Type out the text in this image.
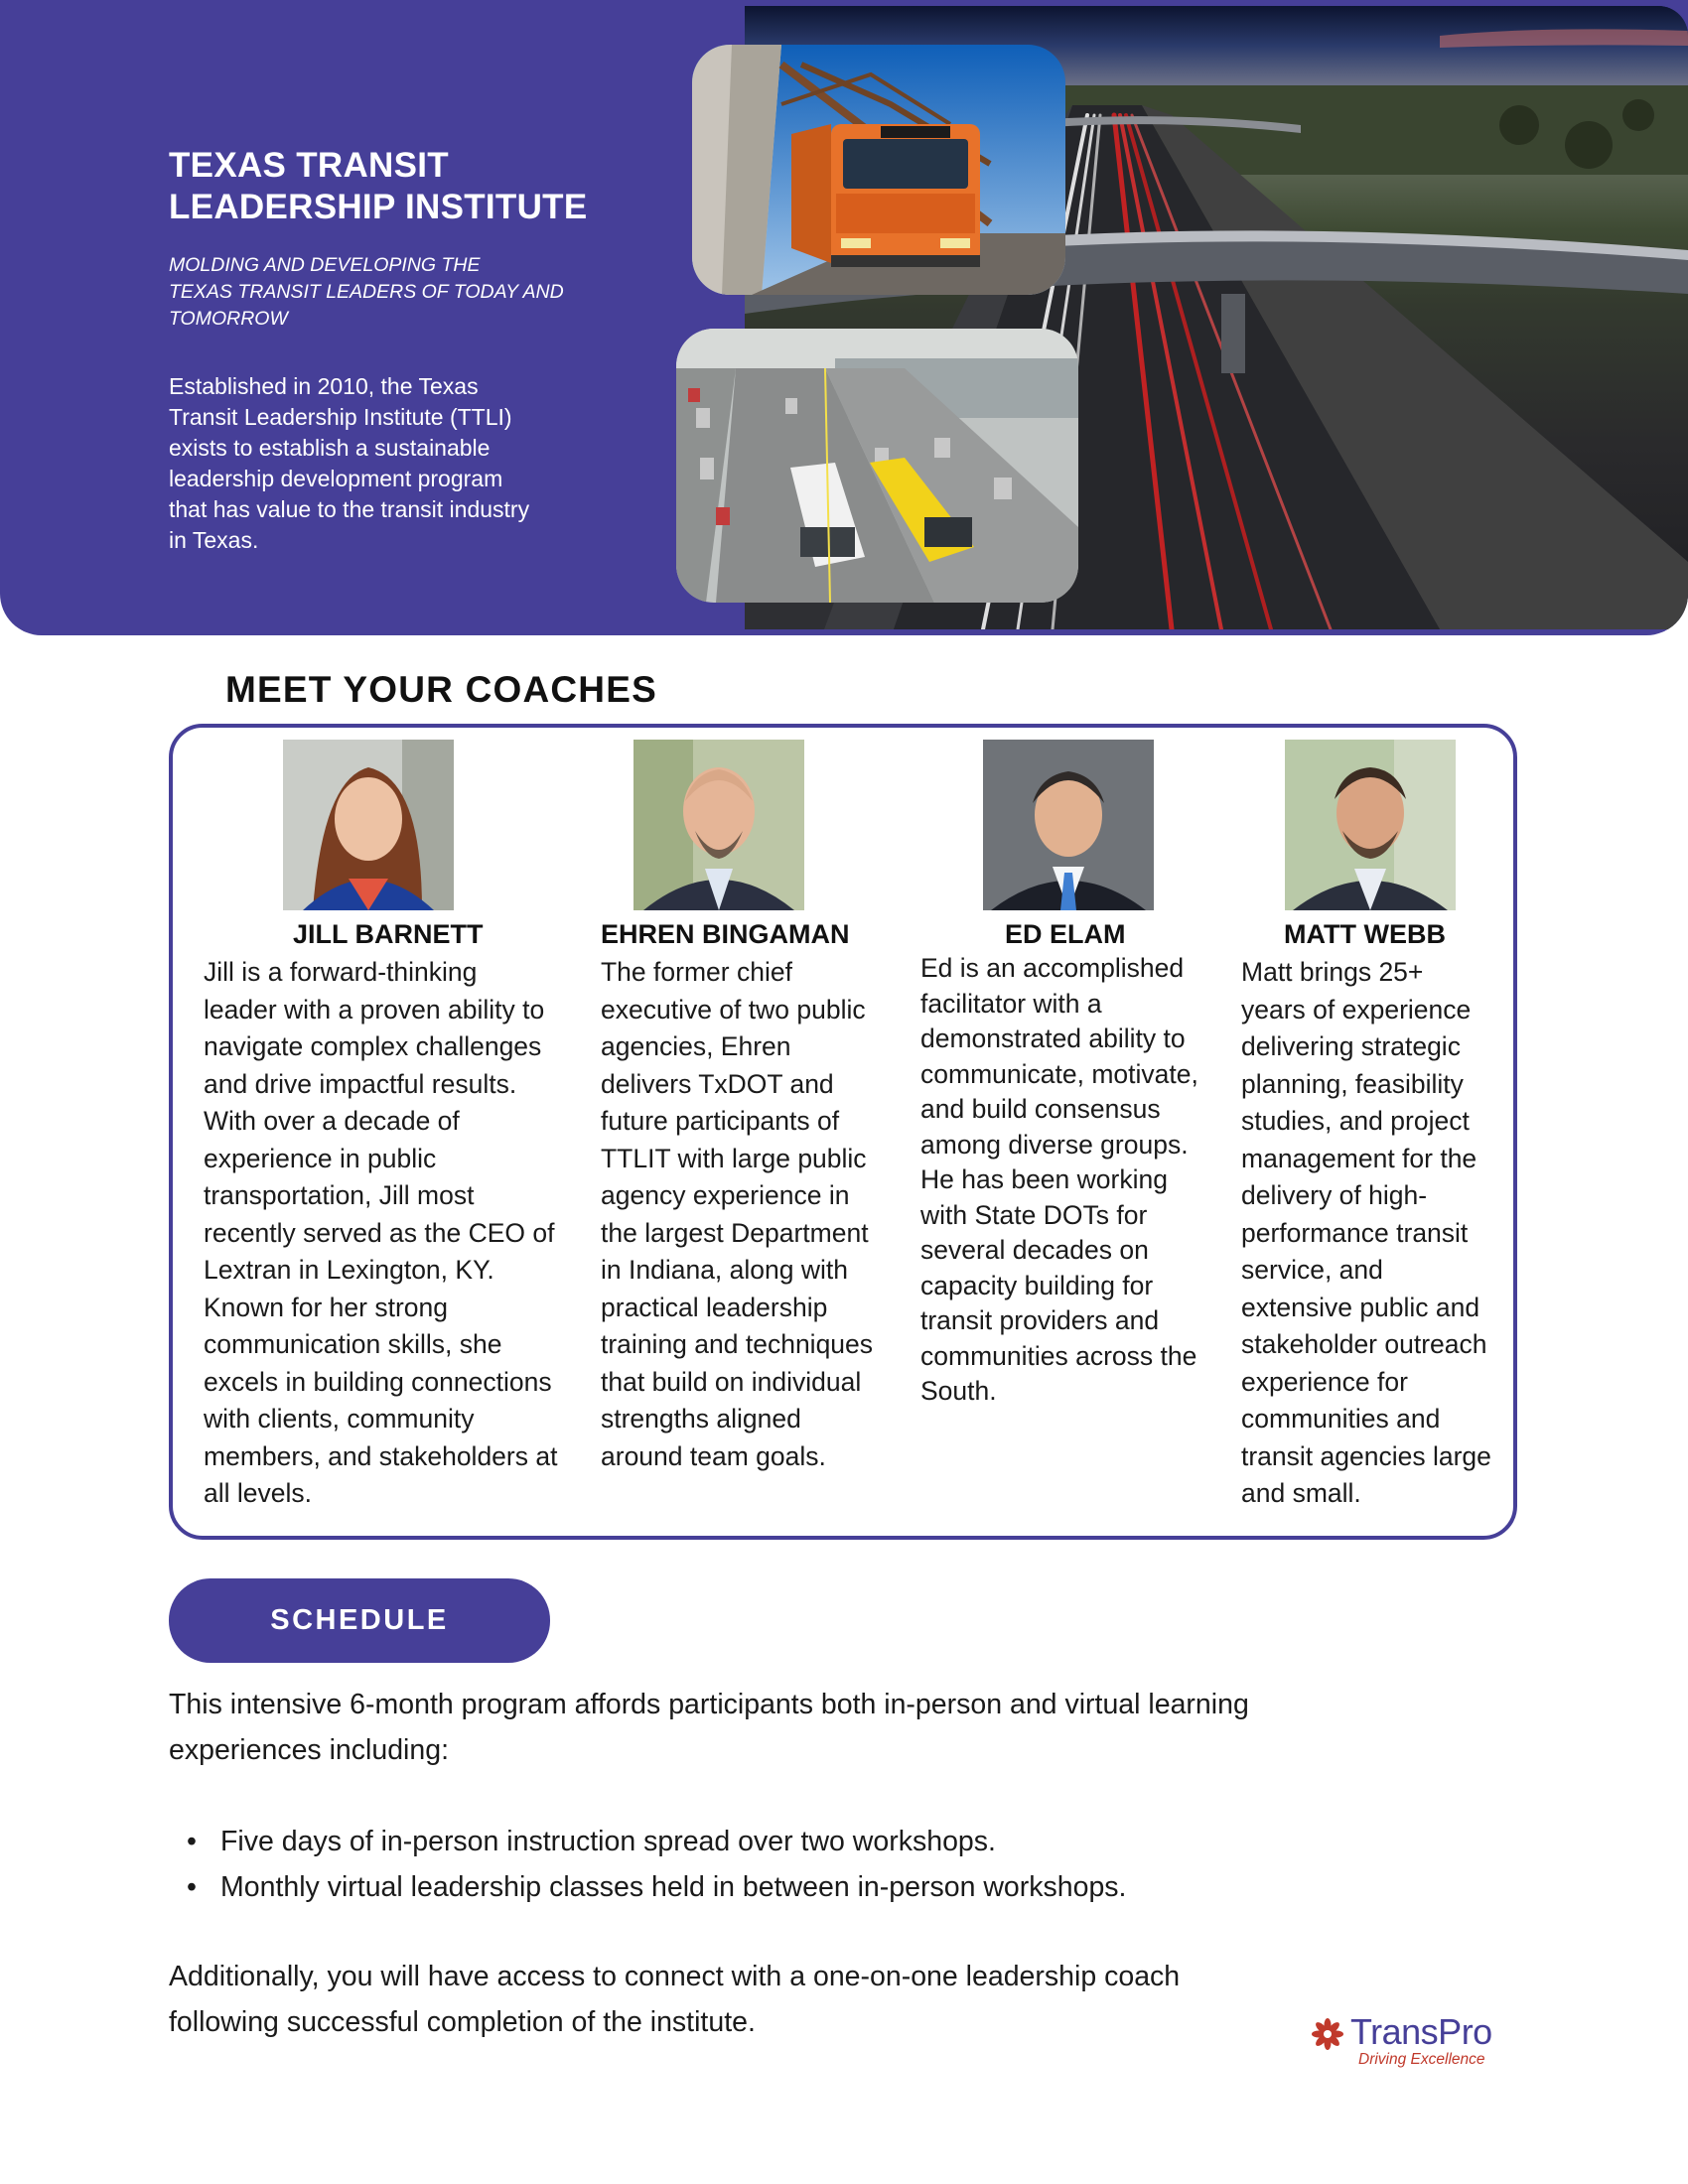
TEXAS TRANSIT
LEADERSHIP INSTITUTE
MOLDING AND DEVELOPING THE
TEXAS TRANSIT LEADERS OF TODAY AND
TOMORROW
Established in 2010, the Texas
Transit Leadership Institute (TTLI)
exists to establish a sustainable
leadership development program
that has value to the transit industry
in Texas.
MEET YOUR COACHES
JILL BARNETT
Jill is a forward-thinking
leader with a proven ability to
navigate complex challenges
and drive impactful results.
With over a decade of
experience in public
transportation, Jill most
recently served as the CEO of
Lextran in Lexington, KY.
Known for her strong
communication skills, she
excels in building connections
with clients, community
members, and stakeholders at
all levels.
EHREN BINGAMAN
The former chief
executive of two public
agencies, Ehren
delivers TxDOT and
future participants of
TTLIT with large public
agency experience in
the largest Department
in Indiana, along with
practical leadership
training and techniques
that build on individual
strengths aligned
around team goals.
ED ELAM
Ed is an accomplished
facilitator with a
demonstrated ability to
communicate, motivate,
and build consensus
among diverse groups.
He has been working
with State DOTs for
several decades on
capacity building for
transit providers and
communities across the
South.
MATT WEBB
Matt brings 25+
years of experience
delivering strategic
planning, feasibility
studies, and project
management for the
delivery of high-
performance transit
service, and
extensive public and
stakeholder outreach
experience for
communities and
transit agencies large
and small.
SCHEDULE
This intensive 6-month program affords participants both in-person and virtual learning
experiences including:
• Five days of in-person instruction spread over two workshops.
• Monthly virtual leadership classes held in between in-person workshops.
Additionally, you will have access to connect with a one-on-one leadership coach
following successful completion of the institute.	TransPro
Driving Excellence
